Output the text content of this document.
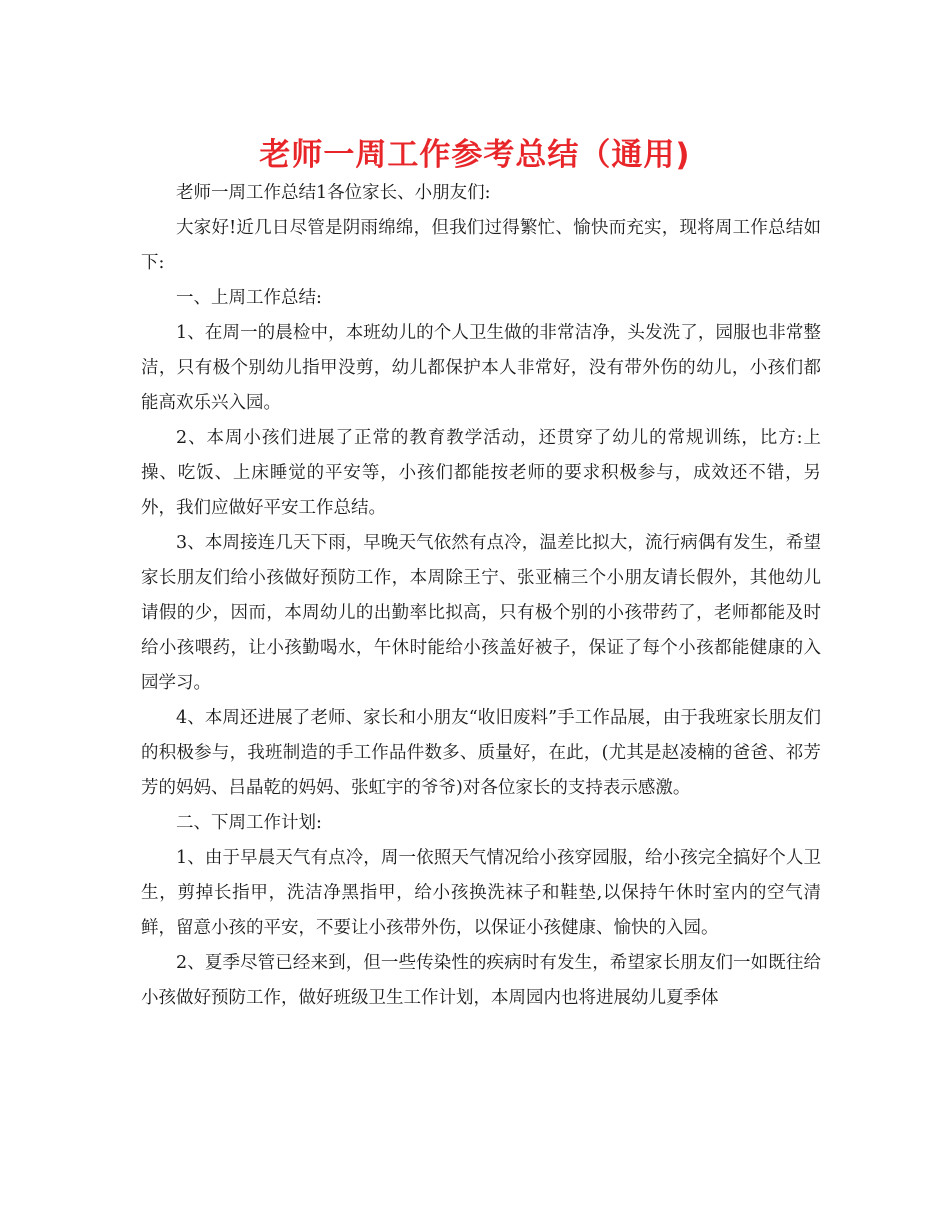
老师一周工作参考总结（通用)

老师一周工作总结1各位家长、小朋友们:

大家好!近几日尽管是阴雨绵绵，但我们过得繁忙、愉快而充实，现将周工作总结如下:

一、上周工作总结:

1、在周一的晨检中，本班幼儿的个人卫生做的非常洁净，头发洗了，园服也非常整洁，只有极个别幼儿指甲没剪，幼儿都保护本人非常好，没有带外伤的幼儿，小孩们都能高欢乐兴入园。

2、本周小孩们进展了正常的教育教学活动，还贯穿了幼儿的常规训练，比方:上操、吃饭、上床睡觉的平安等，小孩们都能按老师的要求积极参与，成效还不错，另外，我们应做好平安工作总结。

3、本周接连几天下雨，早晚天气依然有点冷，温差比拟大，流行病偶有发生，希望家长朋友们给小孩做好预防工作，本周除王宁、张亚楠三个小朋友请长假外，其他幼儿请假的少，因而，本周幼儿的出勤率比拟高，只有极个别的小孩带药了，老师都能及时给小孩喂药，让小孩勤喝水，午休时能给小孩盖好被子，保证了每个小孩都能健康的入园学习。

4、本周还进展了老师、家长和小朋友“收旧废料”手工作品展，由于我班家长朋友们的积极参与，我班制造的手工作品件数多、质量好，在此，(尤其是赵凌楠的爸爸、祁芳芳的妈妈、吕晶乾的妈妈、张虹宇的爷爷)对各位家长的支持表示感激。

二、下周工作计划:

1、由于早晨天气有点冷，周一依照天气情况给小孩穿园服，给小孩完全搞好个人卫生，剪掉长指甲，洗洁净黑指甲，给小孩换洗袜子和鞋垫,以保持午休时室内的空气清鲜，留意小孩的平安，不要让小孩带外伤，以保证小孩健康、愉快的入园。

2、夏季尽管已经来到，但一些传染性的疾病时有发生，希望家长朋友们一如既往给小孩做好预防工作，做好班级卫生工作计划，本周园内也将进展幼儿夏季体
